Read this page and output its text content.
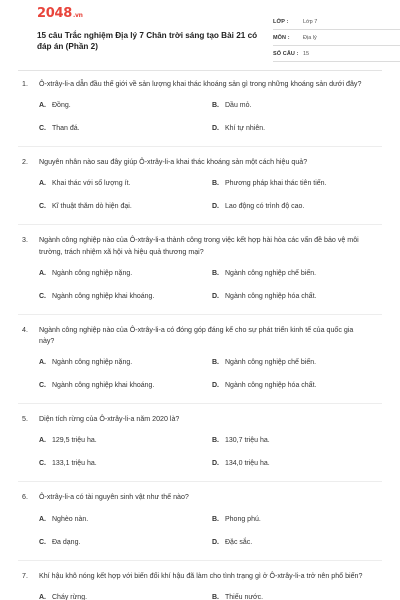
2048.vn
15 câu Trắc nghiệm Địa lý 7 Chân trời sáng tạo Bài 21 có đáp án (Phần 2)
LỚP :	Lớp 7
MÔN :	Địa lý
SỐ CÂU : 15
1.	Ô-xtrây-li-a dẫn đầu thế giới về sản lượng khai thác khoáng sản gì trong những khoáng sản dưới đây?
A. Đồng.	B. Dầu mỏ.
C. Than đá.	D. Khí tự nhiên.
2.	Nguyên nhân nào sau đây giúp Ô-xtrây-li-a khai thác khoáng sản một cách hiệu quả?
A. Khai thác với số lượng ít.	B. Phương pháp khai thác tiên tiến.
C. Kĩ thuật thăm dò hiện đại.	D. Lao động có trình độ cao.
3.	Ngành công nghiệp nào của Ô-xtrây-li-a thành công trong việc kết hợp hài hòa các vấn đề bảo vệ môi trường, trách nhiệm xã hội và hiệu quả thương mại?
A. Ngành công nghiệp nặng.	B. Ngành công nghiệp chế biến.
C. Ngành công nghiệp khai khoáng.	D. Ngành công nghiệp hóa chất.
4.	Ngành công nghiệp nào của Ô-xtrây-li-a có đóng góp đáng kể cho sự phát triển kinh tế của quốc gia này?
A. Ngành công nghiệp nặng.	B. Ngành công nghiệp chế biến.
C. Ngành công nghiệp khai khoáng.	D. Ngành công nghiệp hóa chất.
5.	Diện tích rừng của Ô-xtrây-li-a năm 2020 là?
A. 129,5 triệu ha.	B. 130,7 triệu ha.
C. 133,1 triệu ha.	D. 134,0 triệu ha.
6.	Ô-xtrây-li-a có tài nguyên sinh vật như thế nào?
A. Nghèo nàn.	B. Phong phú.
C. Đa dạng.	D. Đặc sắc.
7.	Khí hậu khô nóng kết hợp với biến đổi khí hậu đã làm cho tình trạng gì ở Ô-xtrây-li-a trở nên phổ biến?
A. Cháy rừng.	B. Thiếu nước.
